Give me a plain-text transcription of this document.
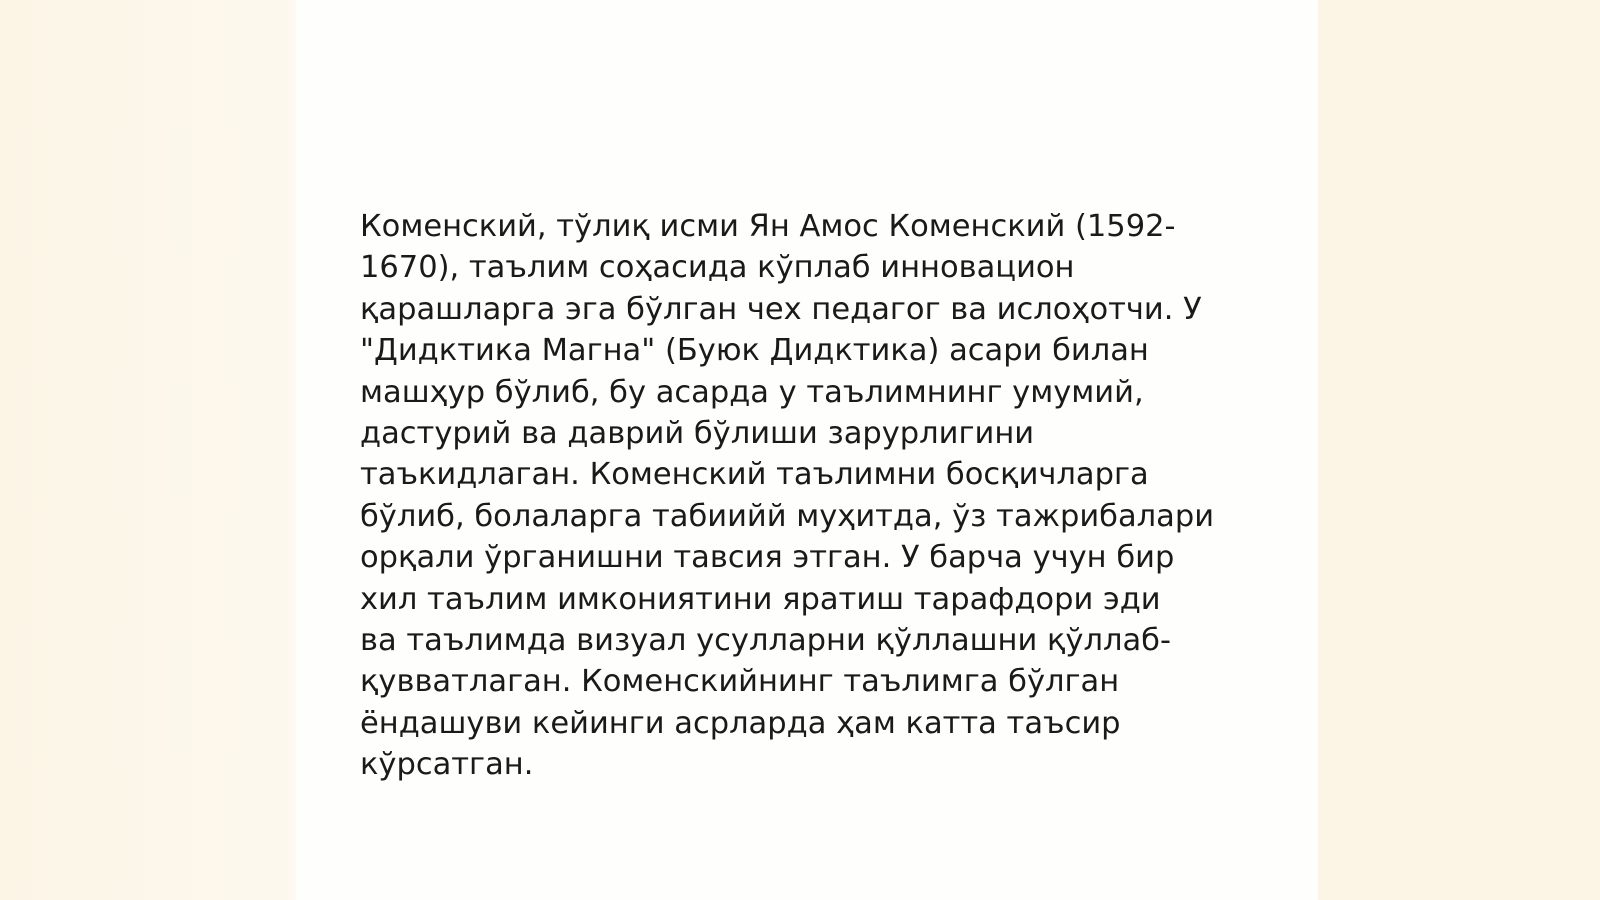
Коменский, тўлиқ исми Ян Амос Коменский (1592-
1670), таълим соҳасида кўплаб инновацион
қарашларга эга бўлган чех педагог ва ислоҳотчи. У
"Дидктика Магна" (Буюк Дидктика) асари билан
машҳур бўлиб, бу асарда у таълимнинг умумий,
дастурий ва даврий бўлиши зарурлигини
таъкидлаган. Коменский таълимни босқичларга
бўлиб, болаларга табиийй муҳитда, ўз тажрибалари
орқали ўрганишни тавсия этган. У барча учун бир
хил таълим имкониятини яратиш тарафдори эди
ва таълимда визуал усулларни қўллашни қўллаб-
қувватлаган. Коменскийнинг таълимга бўлган
ёндашуви кейинги асрларда ҳам катта таъсир
кўрсатган.
